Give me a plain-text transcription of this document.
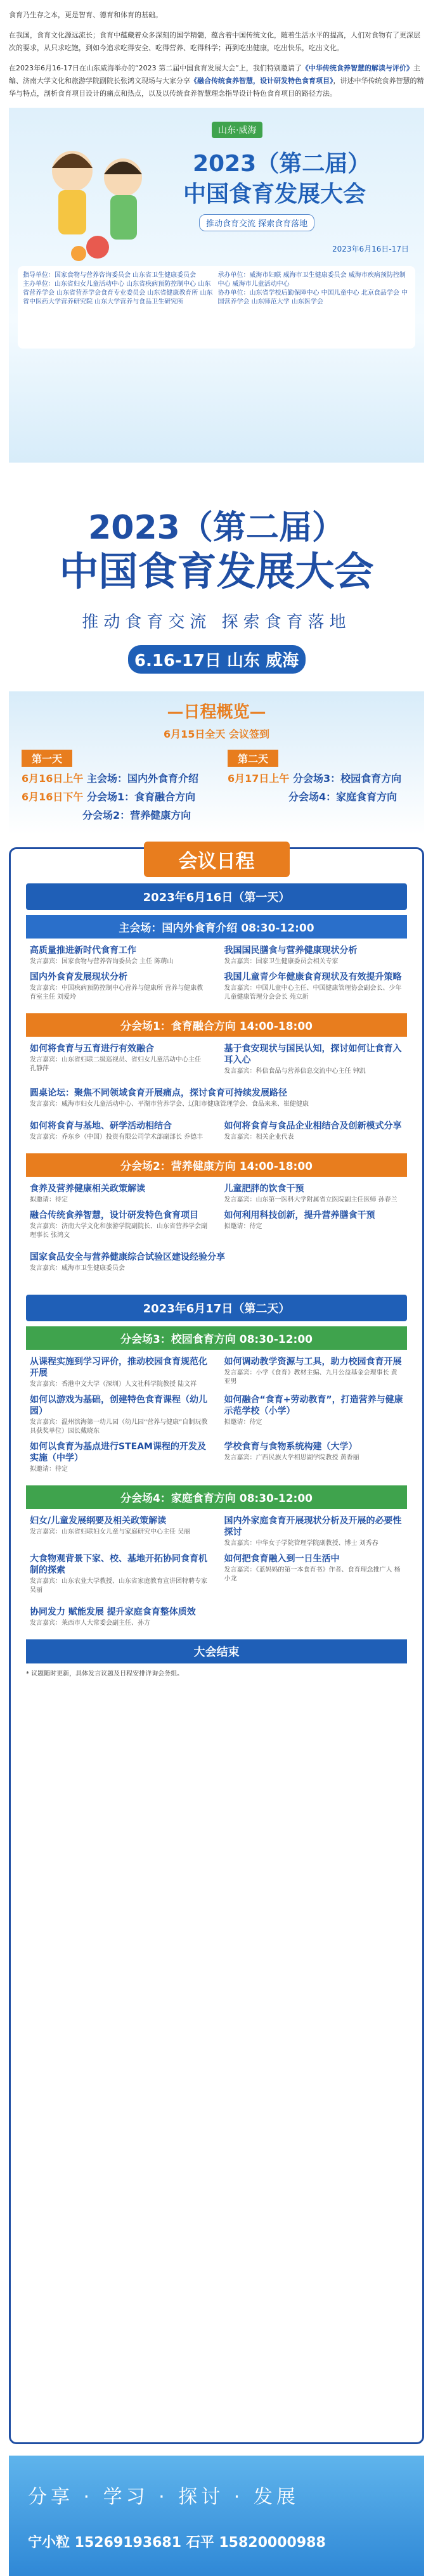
食育乃生存之本，更是智育、德育和体育的基础。

在我国，食育文化源远流长；食育中蕴藏着众多深刻的国学精髓，蕴含着中国传统文化，随着生活水平的提高，人们对食物有了更深层次的要求，从只求吃饱，到如今追求吃得安全、吃得营养、吃得科学；再到吃出健康，吃出快乐，吃出文化。

在2023年6月16-17日在山东威海举办的“2023 第二届中国食育发展大会”上，我们特别邀请了《中华传统食养智慧的解读与评价》主编、济南大学文化和旅游学院副院长张鸿文现场与大家分享《融合传统食养智慧，设计研发特色食育项目》，讲述中华传统食养智慧的精华与特点，剖析食育项目设计的痛点和热点，以及以传统食养智慧理念指导设计特色食育项目的路径方法。

山东·威海
2023（第二届）
中国食育发展大会
推动食育交流 探索食育落地
2023年6月16日-17日
指导单位：国家食物与营养咨询委员会 山东省卫生健康委员会
主办单位：山东省妇女儿童活动中心 山东省疾病预防控制中心 山东省营养学会 山东省营养学会食育专业委员会 山东省健康教育所 山东省中医药大学营养研究院 山东大学营养与食品卫生研究所
承办单位：威海市妇联 威海市卫生健康委员会 威海市疾病预防控制中心 威海市儿童活动中心
协办单位：山东省学校后勤保障中心 中国儿童中心 北京食品学会 中国营养学会 山东师范大学 山东医学会
2023（第二届）
中国食育发展大会
推动食育交流 探索食育落地
6.16-17日 山东 威海
—日程概览—
6月15日全天 会议签到
第一天
6月16日上午 主会场：国内外食育介绍
6月16日下午 分会场1：食育融合方向
分会场2：营养健康方向
第二天
6月17日上午 分会场3：校园食育方向
分会场4：家庭食育方向
会议日程
2023年6月16日（第一天）
主会场：国内外食育介绍 08:30-12:00
高质量推进新时代食育工作
发言嘉宾：国家食物与营养咨询委员会 主任 陈萌山
我国国民膳食与营养健康现状分析
发言嘉宾：国家卫生健康委员会相关专家
国内外食育发展现状分析
发言嘉宾：中国疾病预防控制中心营养与健康所 营养与健康教育室主任 刘爱玲
我国儿童青少年健康食育现状及有效提升策略
发言嘉宾：中国儿童中心主任、中国健康管理协会副会长、少年儿童健康管理分会会长 苑立新
分会场1：食育融合方向 14:00-18:00
如何将食育与五育进行有效融合
发言嘉宾：山东省妇联二级巡视员、省妇女儿童活动中心主任 孔静萍
基于食安现状与国民认知，探讨如何让食育入耳入心
发言嘉宾：科信食品与营养信息交流中心主任 钟凯
圆桌论坛：聚焦不同领域食育开展痛点，探讨食育可持续发展路径
发言嘉宾：威海市妇女儿童活动中心、平湖市营养学会、辽阳市健康管理学会、食品来来、崔健健康
如何将食育与基地、研学活动相结合
发言嘉宾：乔东乡（中国）投资有限公司学术部副部长 乔德丰
如何将食育与食品企业相结合及创新模式分享
发言嘉宾：相关企业代表
分会场2：营养健康方向 14:00-18:00
食养及营养健康相关政策解读
拟邀请：待定
儿童肥胖的饮食干预
发言嘉宾：山东第一医科大学附属省立医院副主任医师 孙春兰
融合传统食养智慧，设计研发特色食育项目
发言嘉宾：济南大学文化和旅游学院副院长、山东省营养学会副理事长 张鸿文
如何利用科技创新，提升营养膳食干预
拟邀请：待定
国家食品安全与营养健康综合试验区建设经验分享
发言嘉宾：威海市卫生健康委员会
2023年6月17日（第二天）
分会场3：校园食育方向 08:30-12:00
从课程实施到学习评价，推动校园食育规范化开展
发言嘉宾：香港中文大学（深圳）人文社科学院教授 陆文祥
如何调动教学资源与工具，助力校园食育开展
发言嘉宾：小学《食育》教材主编、九月公益基金会理事长 黄亚男
如何以游戏为基础，创建特色食育课程（幼儿园）
发言嘉宾：温州滨海第一幼儿园（幼儿园“营养与健康”自制玩教具获奖单位）园长戴晓东
如何融合“食育+劳动教育”，打造营养与健康示范学校（小学）
拟邀请：待定
如何以食育为基点进行STEAM课程的开发及实施（中学）
拟邀请：待定
学校食育与食物系统构建（大学）
发言嘉宾：广西民族大学相思湖学院教授 黄香丽
分会场4：家庭食育方向 08:30-12:00
妇女/儿童发展纲要及相关政策解读
发言嘉宾：山东省妇联妇女儿童与家庭研究中心主任 吴丽
国内外家庭食育开展现状分析及开展的必要性探讨
发言嘉宾：中华女子学院管理学院副教授、博士 刘秀春
大食物观背景下家、校、基地开拓协同食育机制的探索
发言嘉宾：山东农业大学教授、山东省家庭教育宣讲团特聘专家 吴丽
如何把食育融入到一日生活中
发言嘉宾：《蓝妈妈的第一本食育书》作者、食育理念推广人 杨小龙
协同发力 赋能发展 提升家庭食育整体质效
发言嘉宾：莱西市人大常委会副主任、孙方
大会结束
* 议题随时更新，具体发言议题及日程安排详询会务组。
分享 · 学习 · 探讨 · 发展
宁小粒 15269193681 石平 15820000988
